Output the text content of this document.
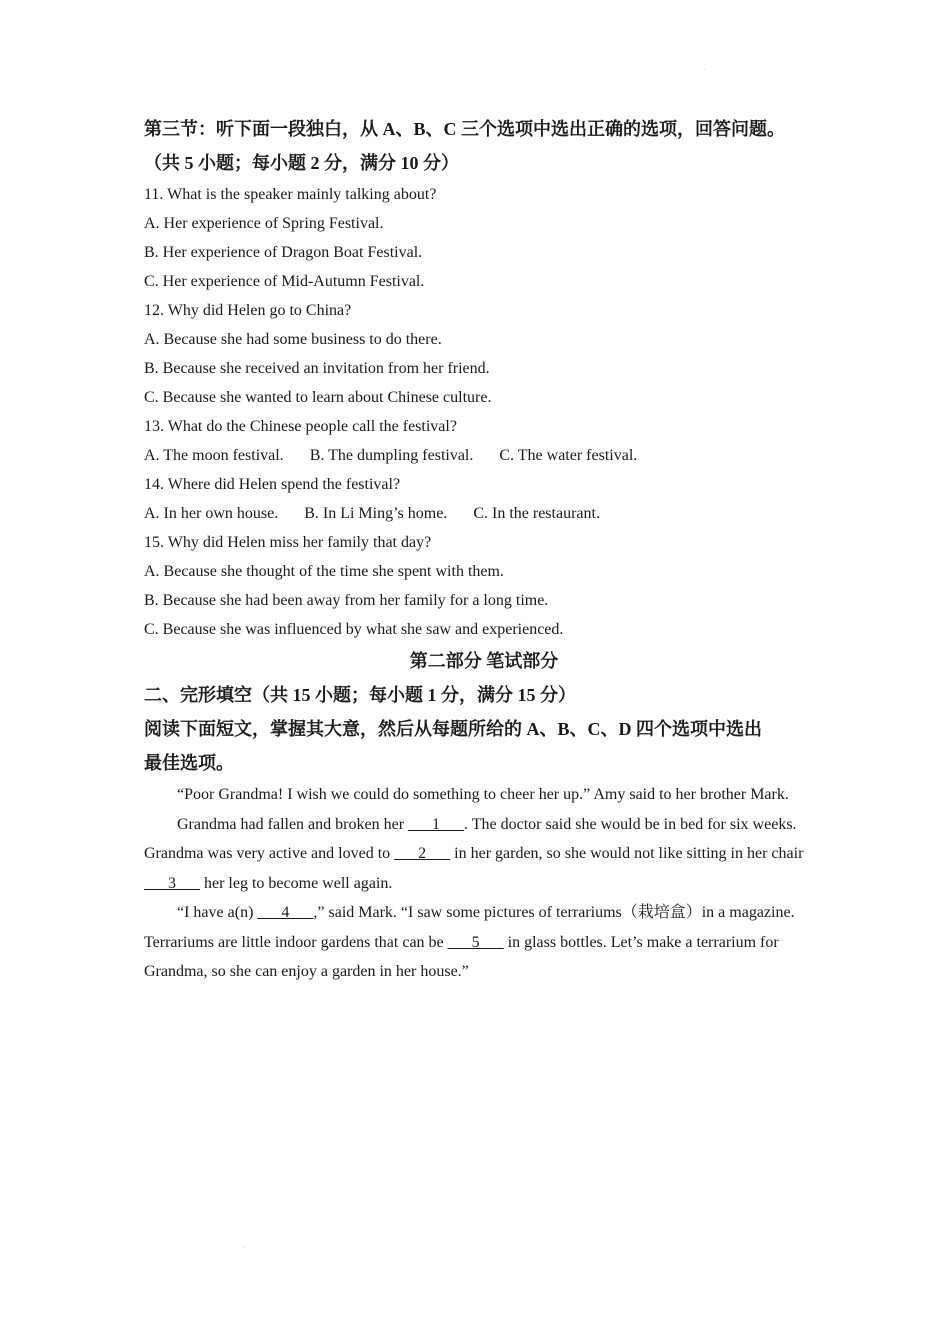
.
.
第三节：听下面一段独白，从 A、B、C 三个选项中选出正确的选项，回答问题。
（共 5 小题；每小题 2 分，满分 10 分）
11. What is the speaker mainly talking about?
A. Her experience of Spring Festival.
B. Her experience of Dragon Boat Festival.
C. Her experience of Mid-Autumn Festival.
12. Why did Helen go to China?
A. Because she had some business to do there.
B. Because she received an invitation from her friend.
C. Because she wanted to learn about Chinese culture.
13. What do the Chinese people call the festival?
A. The moon festival. B. The dumpling festival. C. The water festival.
14. Where did Helen spend the festival?
A. In her own house. B. In Li Ming’s home. C. In the restaurant.
15. Why did Helen miss her family that day?
A. Because she thought of the time she spent with them.
B. Because she had been away from her family for a long time.
C. Because she was influenced by what she saw and experienced.
第二部分 笔试部分
二、完形填空（共 15 小题；每小题 1 分，满分 15 分）
阅读下面短文，掌握其大意，然后从每题所给的 A、B、C、D 四个选项中选出
最佳选项。

“Poor Grandma! I wish we could do something to cheer her up.” Amy said to her brother Mark.

Grandma had fallen and broken her ___1___. The doctor said she would be in bed for six weeks. Grandma was very active and loved to ___2___ in her garden, so she would not like sitting in her chair ___3___ her leg to become well again.

“I have a(n) ___4___,” said Mark. “I saw some pictures of terrariums（栽培盒）in a magazine. Terrariums are little indoor gardens that can be ___5___ in glass bottles. Let’s make a terrarium for Grandma, so she can enjoy a garden in her house.”
